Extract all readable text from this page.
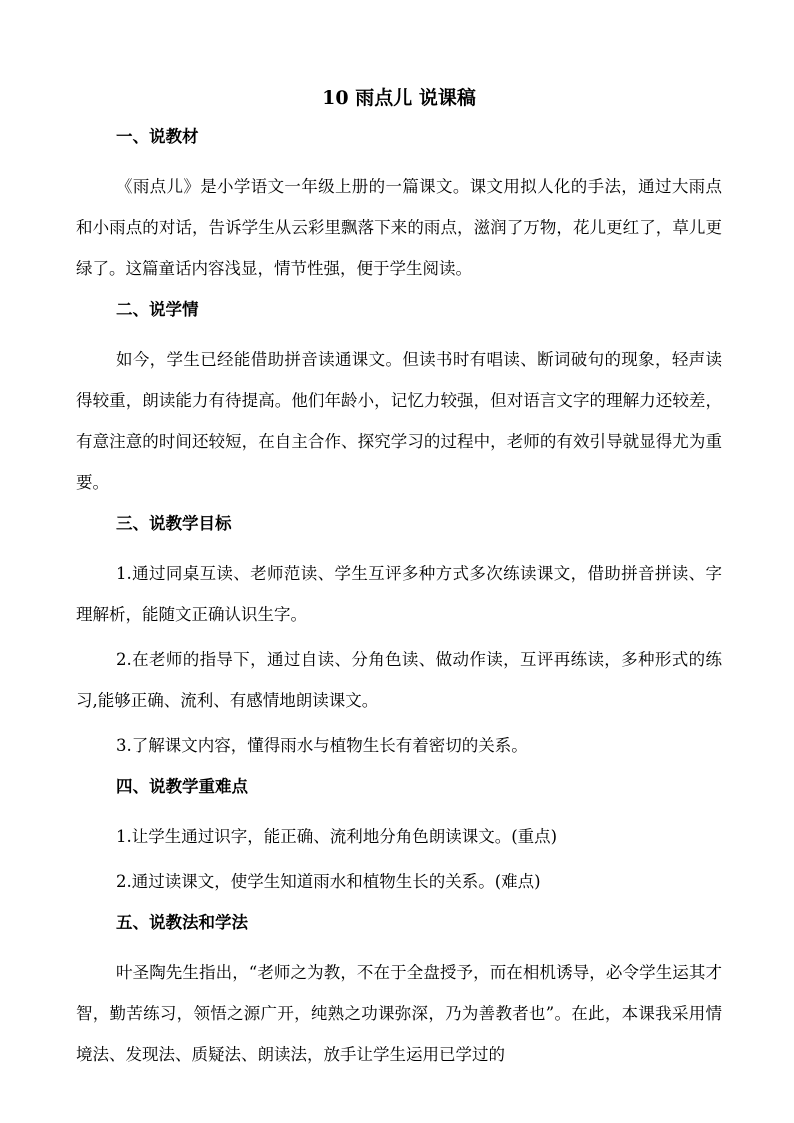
10 雨点儿 说课稿
一、说教材

《雨点儿》是小学语文一年级上册的一篇课文。课文用拟人化的手法，通过大雨点和小雨点的对话，告诉学生从云彩里飘落下来的雨点，滋润了万物，花儿更红了，草儿更绿了。这篇童话内容浅显，情节性强，便于学生阅读。

二、说学情

如今，学生已经能借助拼音读通课文。但读书时有唱读、断词破句的现象，轻声读得较重，朗读能力有待提高。他们年龄小，记忆力较强，但对语言文字的理解力还较差，有意注意的时间还较短，在自主合作、探究学习的过程中，老师的有效引导就显得尤为重要。

三、说教学目标

1.通过同桌互读、老师范读、学生互评多种方式多次练读课文，借助拼音拼读、字理解析，能随文正确认识生字。

2.在老师的指导下，通过自读、分角色读、做动作读，互评再练读，多种形式的练习,能够正确、流利、有感情地朗读课文。

3.了解课文内容，懂得雨水与植物生长有着密切的关系。

四、说教学重难点

1.让学生通过识字，能正确、流利地分角色朗读课文。(重点)

2.通过读课文，使学生知道雨水和植物生长的关系。(难点)

五、说教法和学法

叶圣陶先生指出，“老师之为教，不在于全盘授予，而在相机诱导，必令学生运其才智，勤苦练习，领悟之源广开，纯熟之功课弥深，乃为善教者也”。在此，本课我采用情境法、发现法、质疑法、朗读法，放手让学生运用已学过的
